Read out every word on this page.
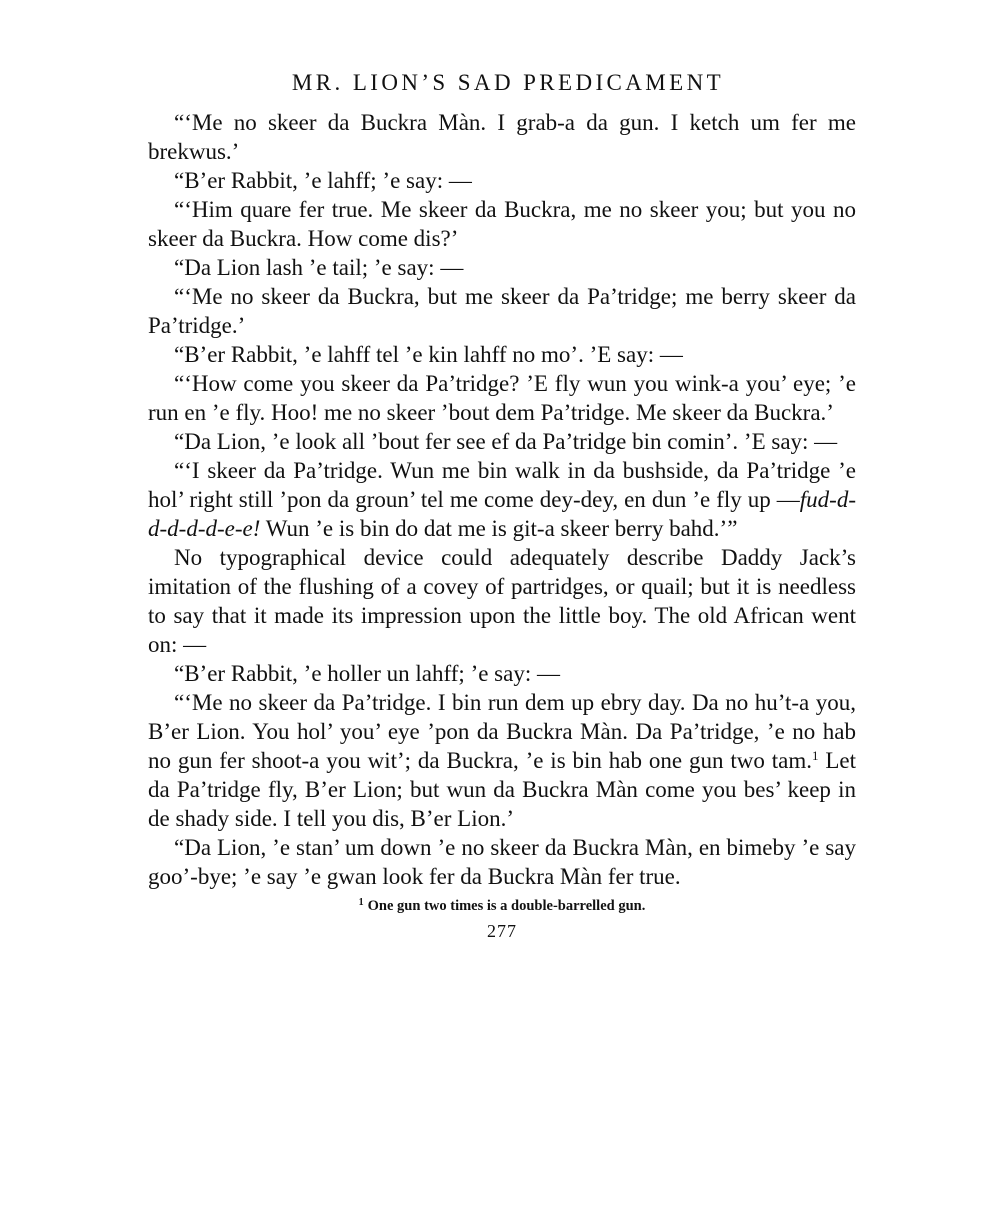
MR. LION’S SAD PREDICAMENT

“‘Me no skeer da Buckra Màn. I grab-a da gun. I ketch um fer me brekwus.’

“B’er Rabbit, ’e lahff; ’e say: —

“‘Him quare fer true. Me skeer da Buckra, me no skeer you; but you no skeer da Buckra. How come dis?’

“Da Lion lash ’e tail; ’e say: —

“‘Me no skeer da Buckra, but me skeer da Pa’tridge; me berry skeer da Pa’tridge.’

“B’er Rabbit, ’e lahff tel ’e kin lahff no mo’. ’E say: —

“‘How come you skeer da Pa’tridge? ’E fly wun you wink-a you’ eye; ’e run en ’e fly. Hoo! me no skeer ’bout dem Pa’tridge. Me skeer da Buckra.’

“Da Lion, ’e look all ’bout fer see ef da Pa’tridge bin comin’. ’E say: —

“‘I skeer da Pa’tridge. Wun me bin walk in da bushside, da Pa’tridge ’e hol’ right still ’pon da groun’ tel me come dey-dey, en dun ’e fly up —fud-d-d-d-d-d-e-e! Wun ’e is bin do dat me is git-a skeer berry bahd.’”

No typographical device could adequately describe Daddy Jack’s imitation of the flushing of a covey of partridges, or quail; but it is needless to say that it made its impression upon the little boy. The old African went on: —

“B’er Rabbit, ’e holler un lahff; ’e say: —

“‘Me no skeer da Pa’tridge. I bin run dem up ebry day. Da no hu’t-a you, B’er Lion. You hol’ you’ eye ’pon da Buckra Màn. Da Pa’tridge, ’e no hab no gun fer shoot-a you wit’; da Buckra, ’e is bin hab one gun two tam.$^1$ Let da Pa’tridge fly, B’er Lion; but wun da Buckra Màn come you bes’ keep in de shady side. I tell you dis, B’er Lion.’

“Da Lion, ’e stan’ um down ’e no skeer da Buckra Màn, en bimeby ’e say goo’-bye; ’e say ’e gwan look fer da Buckra Màn fer true.

$^1$ One gun two times is a double-barrelled gun.
277
